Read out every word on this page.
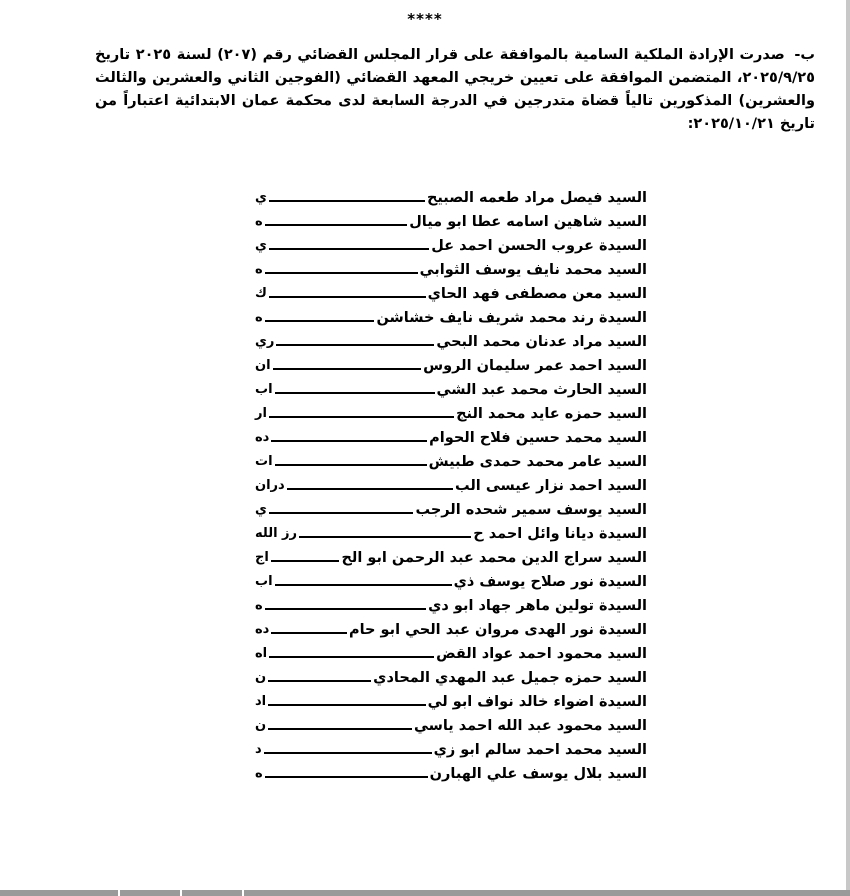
****
ب- صدرت الإرادة الملكية السامية بالموافقة على قرار المجلس القضائي رقم (٢٠٧) لسنة ٢٠٢٥ تاريخ ٢٠٢٥/٩/٢٥، المتضمن الموافقة على تعيين خريجي المعهد القضائي (الفوجين الثاني والعشرين والثالث والعشرين) المذكورين تالياً قضاة متدرجين في الدرجة السابعة لدى محكمة عمان الابتدائية اعتباراً من تاريخ ٢٠٢٥/١٠/٢١:
السيد فيصل مراد طعمه الصبيح
ي
السيد شاهين اسامه عطا ابو ميال
ه
السيدة عروب الحسن احمد عل
ي
السيد محمد نايف يوسف الثوابي
ه
السيد معن مصطفى فهد الحاي
ك
السيدة رند محمد شريف نايف خشاشن
ه
السيد مراد عدنان محمد البحي
ري
السيد احمد عمر سليمان الروس
ان
السيد الحارث محمد عبد الشي
اب
السيد حمزه عايد محمد النج
ار
السيد محمد حسين فلاح الحوام
ده
السيد عامر محمد حمدى طبيش
ات
السيد احمد نزار عيسى الب
دران
السيد يوسف سمير شحده الرجب
ي
السيدة ديانا وائل احمد ح
رز الله
السيد سراج الدين محمد عبد الرحمن ابو الح
اج
السيدة نور صلاح يوسف ذي
اب
السيدة تولين ماهر جهاد ابو دي
ه
السيدة نور الهدى مروان عبد الحي ابو حام
ده
السيد محمود احمد عواد القض
اه
السيد حمزه جميل عبد المهدي المحادي
ن
السيدة اضواء خالد نواف ابو لي
اد
السيد محمود عبد الله احمد ياسي
ن
السيد محمد احمد سالم ابو زي
د
السيد بلال يوسف علي الهبارن
ه
